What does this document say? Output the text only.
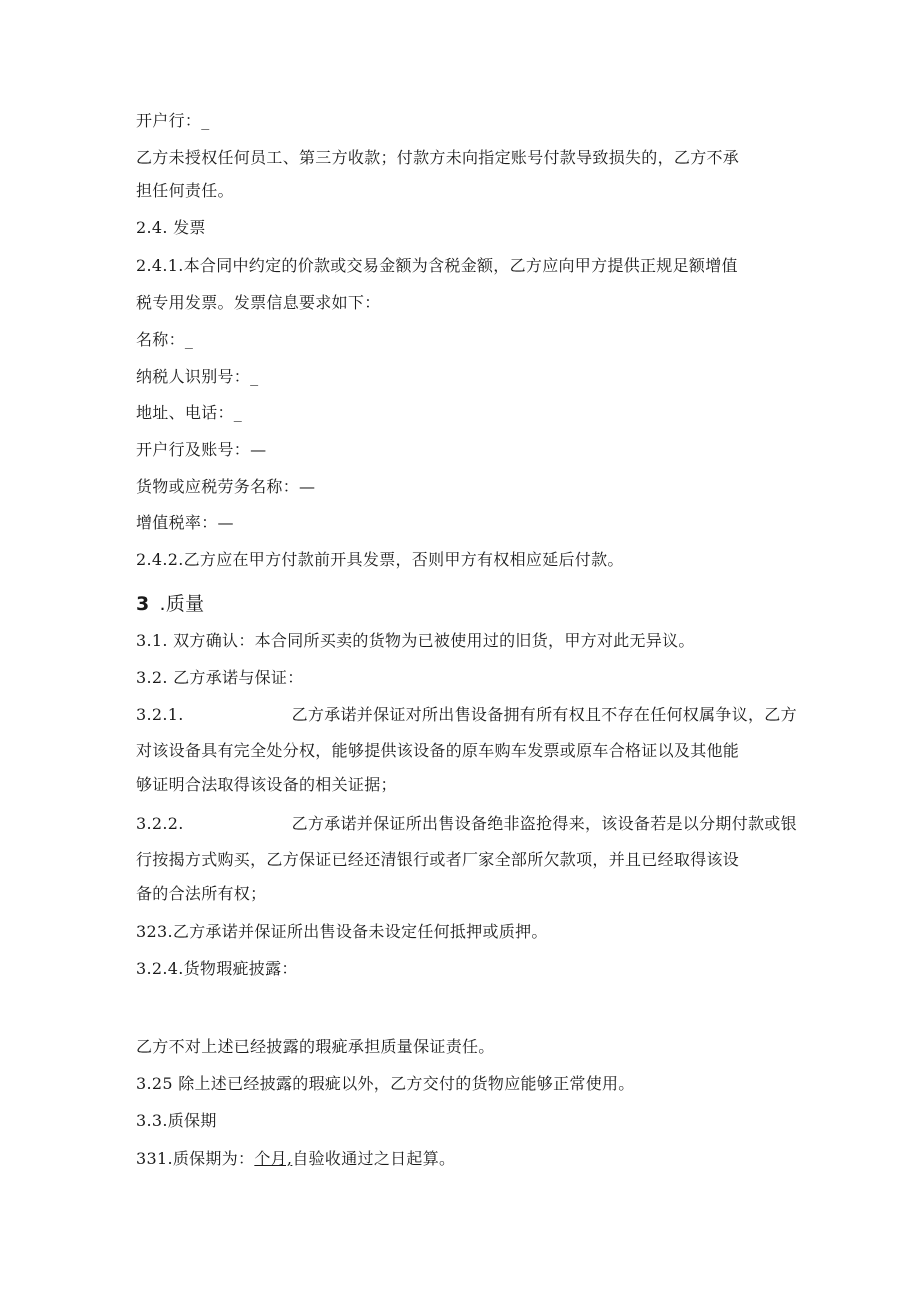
开户行：_
乙方未授权任何员工、第三方收款；付款方未向指定账号付款导致损失的，乙方不承
担任何责任。
2.4. 发票
2.4.1.本合同中约定的价款或交易金额为含税金额，乙方应向甲方提供正规足额增值
税专用发票。发票信息要求如下：
名称：_
纳税人识别号：_
地址、电话：_
开户行及账号：—
货物或应税劳务名称：—
增值税率：—
2.4.2.乙方应在甲方付款前开具发票，否则甲方有权相应延后付款。
3 .质量
3.1. 双方确认：本合同所买卖的货物为已被使用过的旧货，甲方对此无异议。
3.2. 乙方承诺与保证：
3.2.1.	乙方承诺并保证对所出售设备拥有所有权且不存在任何权属争议，乙方
对该设备具有完全处分权，能够提供该设备的原车购车发票或原车合格证以及其他能
够证明合法取得该设备的相关证据；
3.2.2.	乙方承诺并保证所出售设备绝非盗抢得来，该设备若是以分期付款或银
行按揭方式购买，乙方保证已经还清银行或者厂家全部所欠款项，并且已经取得该设
备的合法所有权；
323.乙方承诺并保证所出售设备未设定任何抵押或质押。
3.2.4.货物瑕疵披露：
乙方不对上述已经披露的瑕疵承担质量保证责任。
3.25 除上述已经披露的瑕疵以外，乙方交付的货物应能够正常使用。
3.3.质保期
331.质保期为：个月,自验收通过之日起算。
